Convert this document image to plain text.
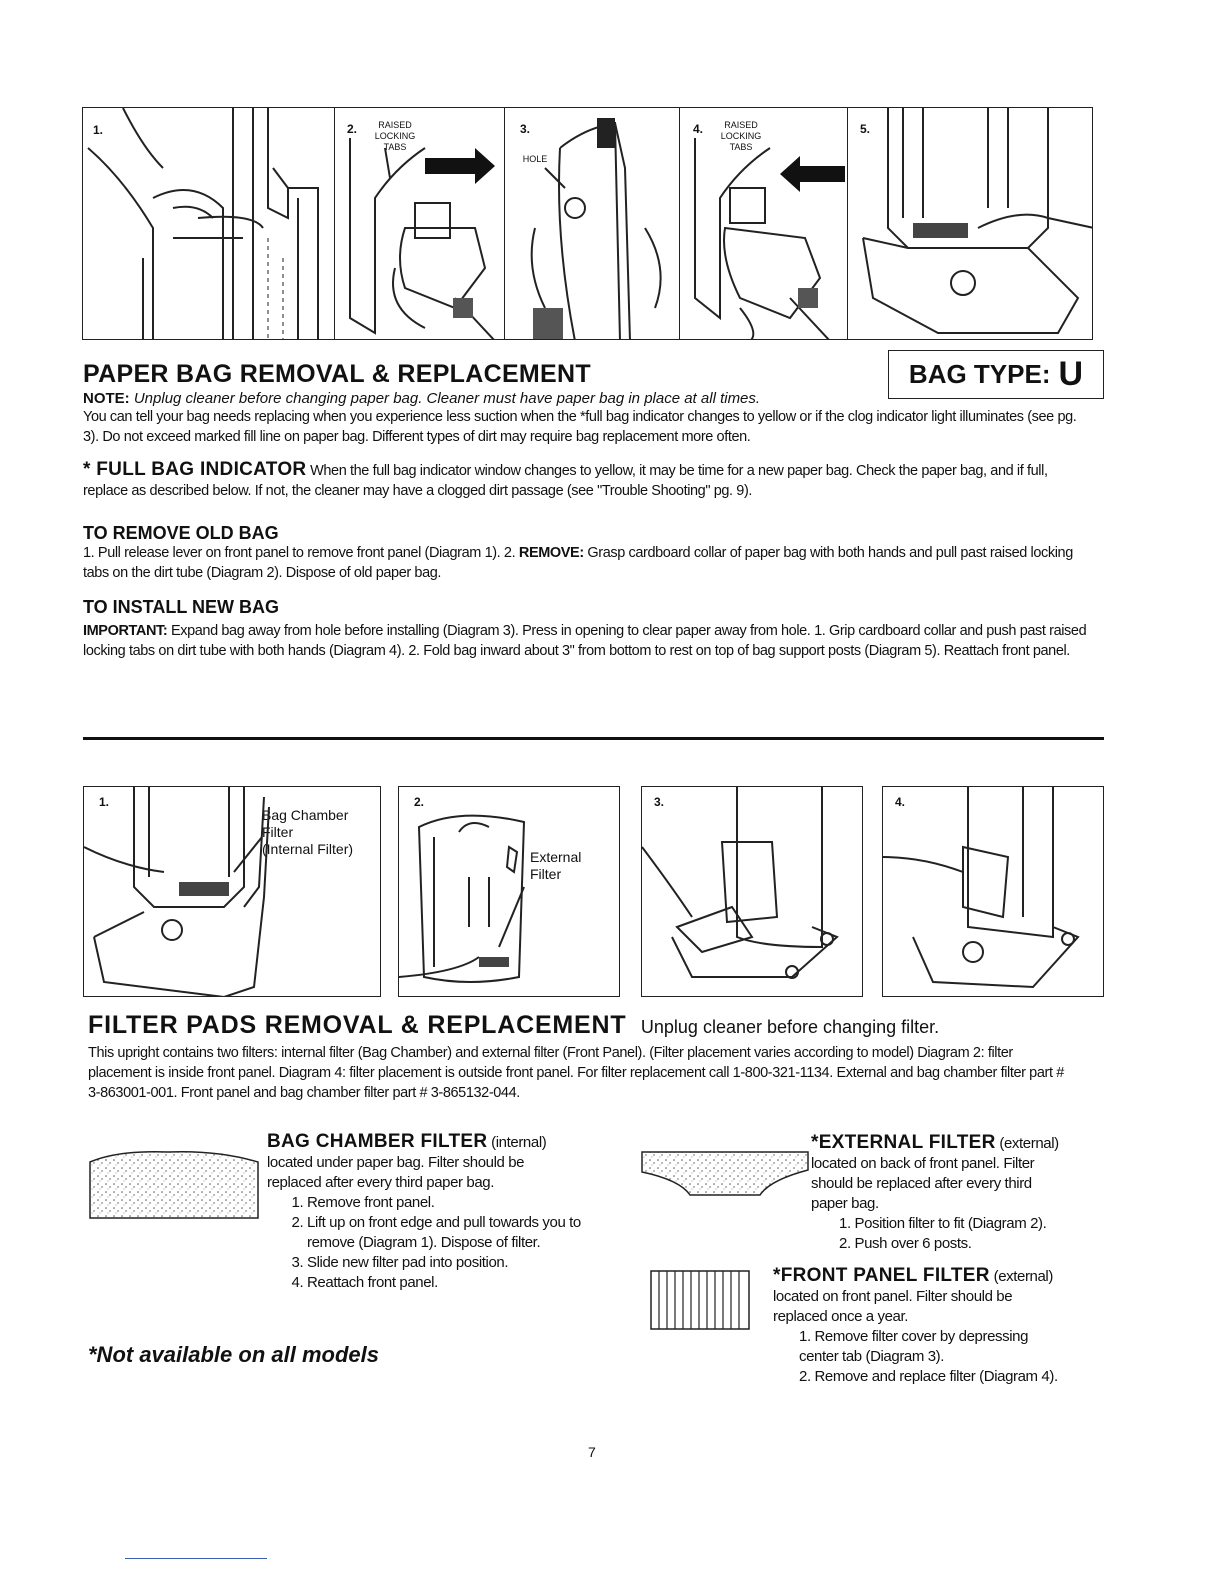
1.	2.	RAISED
LOCKING
TABS
3.
HOLE
4.	RAISED
LOCKING
TABS
5.
PAPER BAG REMOVAL & REPLACEMENT	BAG TYPE: U
NOTE: Unplug cleaner before changing paper bag. Cleaner must have paper bag in place at all times.
You can tell your bag needs replacing when you experience less suction when the *full bag indicator changes to yellow or if the clog indicator light illuminates (see pg. 3). Do not exceed marked fill line on paper bag. Different types of dirt may require bag replacement more often.
* FULL BAG INDICATOR When the full bag indicator window changes to yellow, it may be time for a new paper bag. Check the paper bag, and if full, replace as described below. If not, the cleaner may have a clogged dirt passage (see "Trouble Shooting" pg. 9).
TO REMOVE OLD BAG
1. Pull release lever on front panel to remove front panel (Diagram 1). 2. REMOVE: Grasp cardboard collar of paper bag with both hands and pull past raised locking tabs on the dirt tube (Diagram 2). Dispose of old paper bag.
TO INSTALL NEW BAG
IMPORTANT: Expand bag away from hole before installing (Diagram 3). Press in opening to clear paper away from hole. 1. Grip cardboard collar and push past raised locking tabs on dirt tube with both hands (Diagram 4). 2. Fold bag inward about 3" from bottom to rest on top of bag support posts (Diagram 5). Reattach front panel.
1.
Bag Chamber
Filter
(Internal Filter)
2.
External
Filter
3.	4.
FILTER PADS REMOVAL & REPLACEMENT Unplug cleaner before changing filter.
This upright contains two filters: internal filter (Bag Chamber) and external filter (Front Panel). (Filter placement varies according to model) Diagram 2: filter placement is inside front panel. Diagram 4: filter placement is outside front panel. For filter replacement call 1-800-321-1134. External and bag chamber filter part # 3-863001-001. Front panel and bag chamber filter part # 3-865132-044.
BAG CHAMBER FILTER (internal)
located under paper bag. Filter should be replaced after every third paper bag.
1. Remove front panel.
2. Lift up on front edge and pull towards you to remove (Diagram 1). Dispose of filter.
3. Slide new filter pad into position.
4. Reattach front panel.
*EXTERNAL FILTER (external)
located on back of front panel. Filter should be replaced after every third paper bag.
1. Position filter to fit (Diagram 2).
2. Push over 6 posts.
*FRONT PANEL FILTER (external)
located on front panel. Filter should be replaced once a year.
1. Remove filter cover by depressing center tab (Diagram 3).
2. Remove and replace filter (Diagram 4).
*Not available on all models
7
